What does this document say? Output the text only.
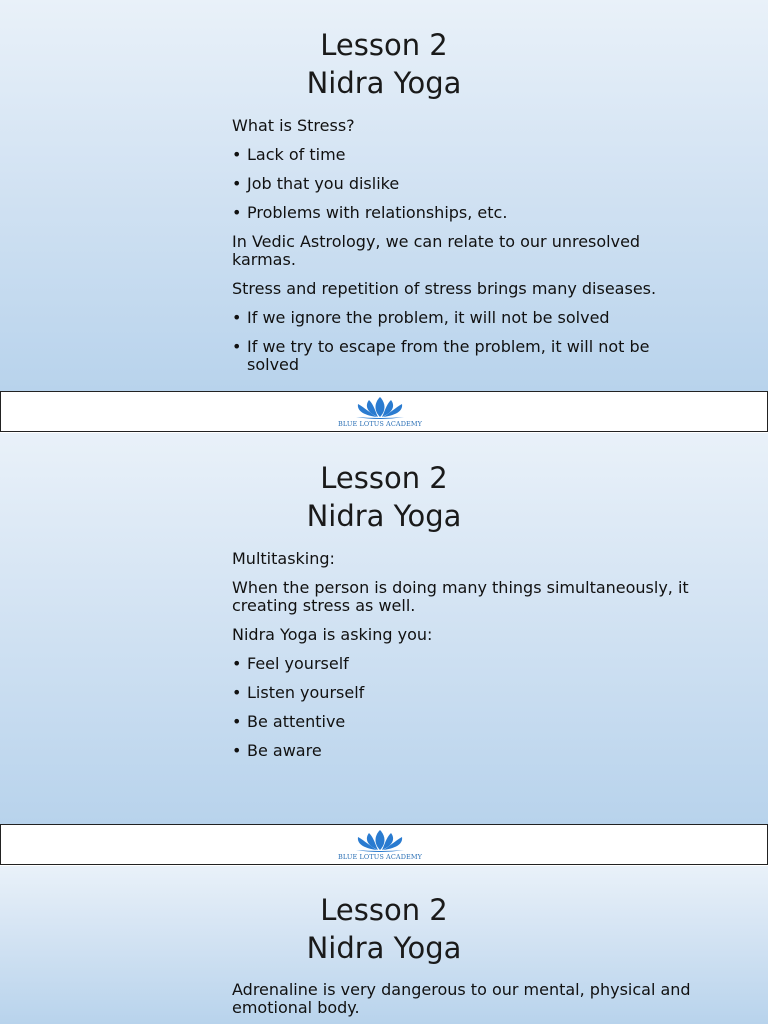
Lesson 2
Nidra Yoga

What is Stress?

• Lack of time

• Job that you dislike

• Problems with relationships, etc.

In Vedic Astrology, we can relate to our unresolved karmas.

Stress and repetition of stress brings many diseases.

• If we ignore the problem, it will not be solved

• If we try to escape from the problem, it will not be solved

BLUE LOTUS ACADEMY
Lesson 2
Nidra Yoga

Multitasking:

When the person is doing many things simultaneously, it creating stress as well.

Nidra Yoga is asking you:

• Feel yourself

• Listen yourself

• Be attentive

• Be aware

BLUE LOTUS ACADEMY
Lesson 2
Nidra Yoga

Adrenaline is very dangerous to our mental, physical and emotional body.
